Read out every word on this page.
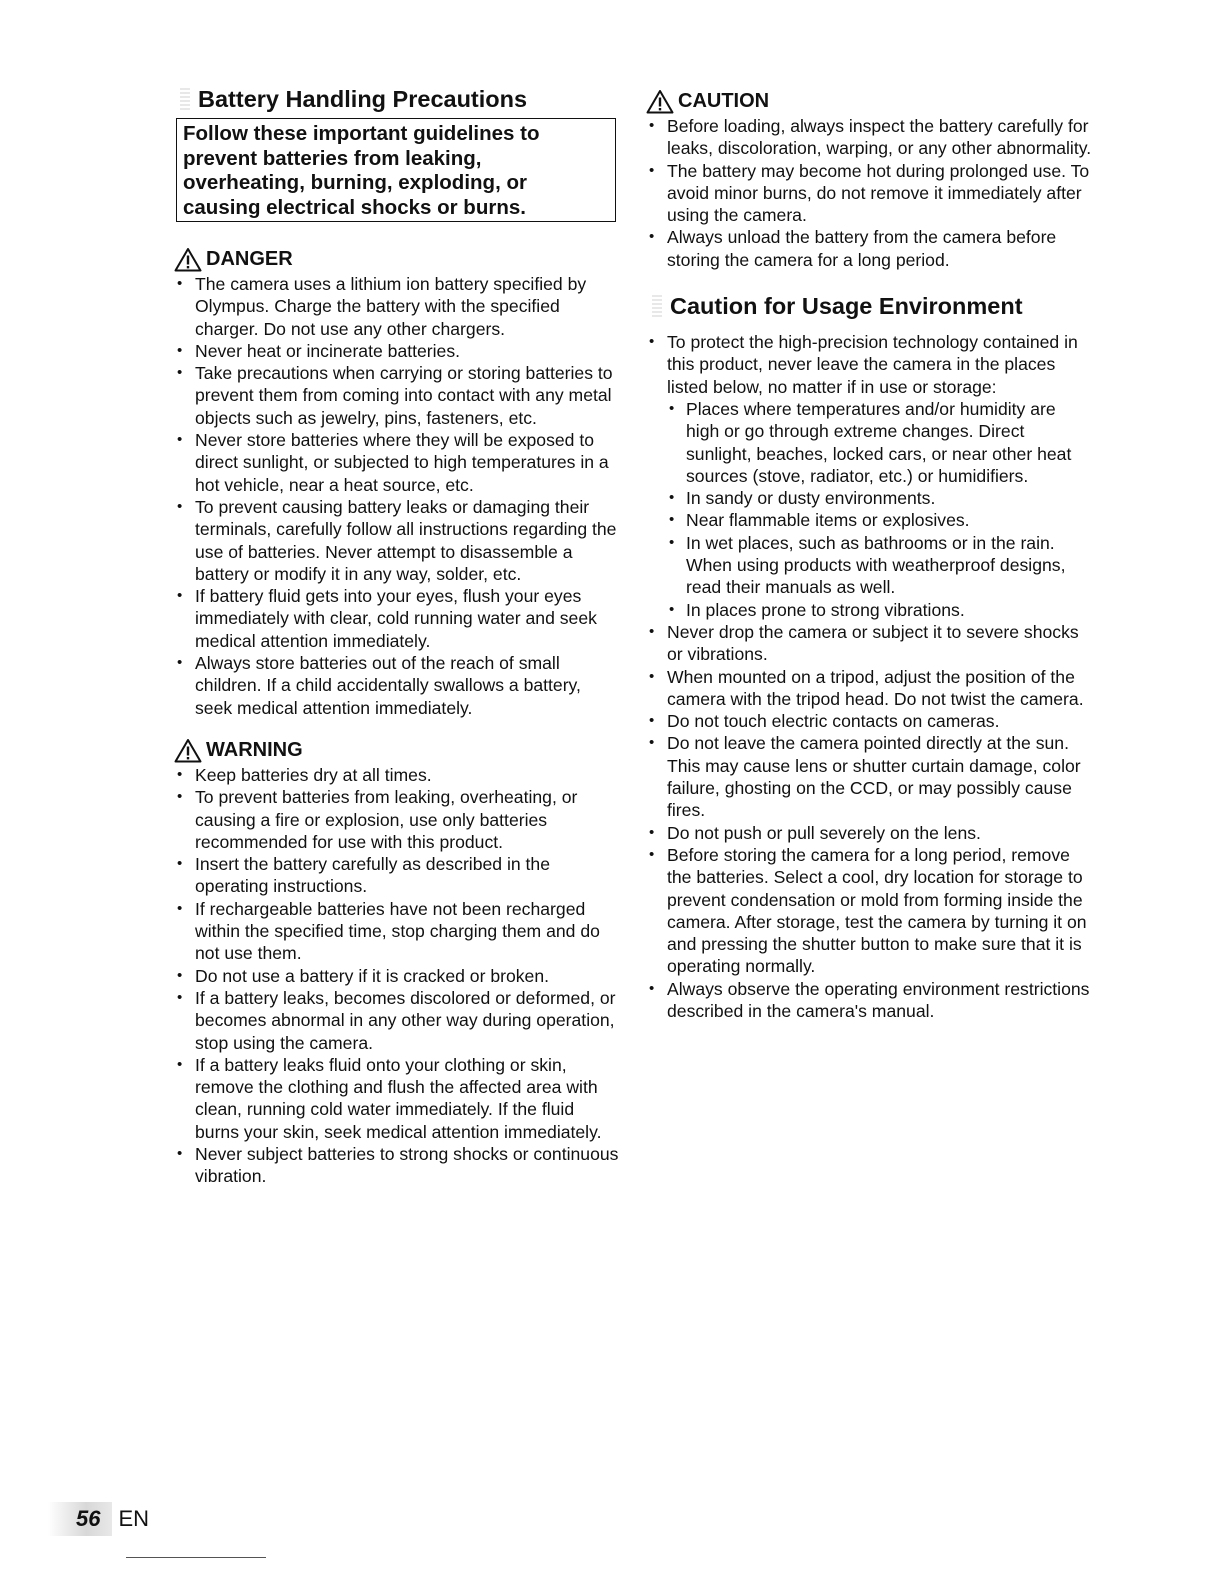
Battery Handling Precautions
Follow these important guidelines to prevent batteries from leaking, overheating, burning, exploding, or causing electrical shocks or burns.
DANGER
• The camera uses a lithium ion battery specified by Olympus. Charge the battery with the specified charger. Do not use any other chargers.
• Never heat or incinerate batteries.
• Take precautions when carrying or storing batteries to prevent them from coming into contact with any metal objects such as jewelry, pins, fasteners, etc.
• Never store batteries where they will be exposed to direct sunlight, or subjected to high temperatures in a hot vehicle, near a heat source, etc.
• To prevent causing battery leaks or damaging their terminals, carefully follow all instructions regarding the use of batteries. Never attempt to disassemble a battery or modify it in any way, solder, etc.
• If battery fluid gets into your eyes, flush your eyes immediately with clear, cold running water and seek medical attention immediately.
• Always store batteries out of the reach of small children. If a child accidentally swallows a battery, seek medical attention immediately.
WARNING
• Keep batteries dry at all times.
• To prevent batteries from leaking, overheating, or causing a fire or explosion, use only batteries recommended for use with this product.
• Insert the battery carefully as described in the operating instructions.
• If rechargeable batteries have not been recharged within the specified time, stop charging them and do not use them.
• Do not use a battery if it is cracked or broken.
• If a battery leaks, becomes discolored or deformed, or becomes abnormal in any other way during operation, stop using the camera.
• If a battery leaks fluid onto your clothing or skin, remove the clothing and flush the affected area with clean, running cold water immediately. If the fluid burns your skin, seek medical attention immediately.
• Never subject batteries to strong shocks or continuous vibration.
CAUTION
• Before loading, always inspect the battery carefully for leaks, discoloration, warping, or any other abnormality.
• The battery may become hot during prolonged use. To avoid minor burns, do not remove it immediately after using the camera.
• Always unload the battery from the camera before storing the camera for a long period.
Caution for Usage Environment
• To protect the high-precision technology contained in this product, never leave the camera in the places listed below, no matter if in use or storage:
• Places where temperatures and/or humidity are high or go through extreme changes. Direct sunlight, beaches, locked cars, or near other heat sources (stove, radiator, etc.) or humidifiers.
• In sandy or dusty environments.
• Near flammable items or explosives.
• In wet places, such as bathrooms or in the rain. When using products with weatherproof designs, read their manuals as well.
• In places prone to strong vibrations.
• Never drop the camera or subject it to severe shocks or vibrations.
• When mounted on a tripod, adjust the position of the camera with the tripod head. Do not twist the camera.
• Do not touch electric contacts on cameras.
• Do not leave the camera pointed directly at the sun. This may cause lens or shutter curtain damage, color failure, ghosting on the CCD, or may possibly cause fires.
• Do not push or pull severely on the lens.
• Before storing the camera for a long period, remove the batteries. Select a cool, dry location for storage to prevent condensation or mold from forming inside the camera. After storage, test the camera by turning it on and pressing the shutter button to make sure that it is operating normally.
• Always observe the operating environment restrictions described in the camera's manual.
56 EN
